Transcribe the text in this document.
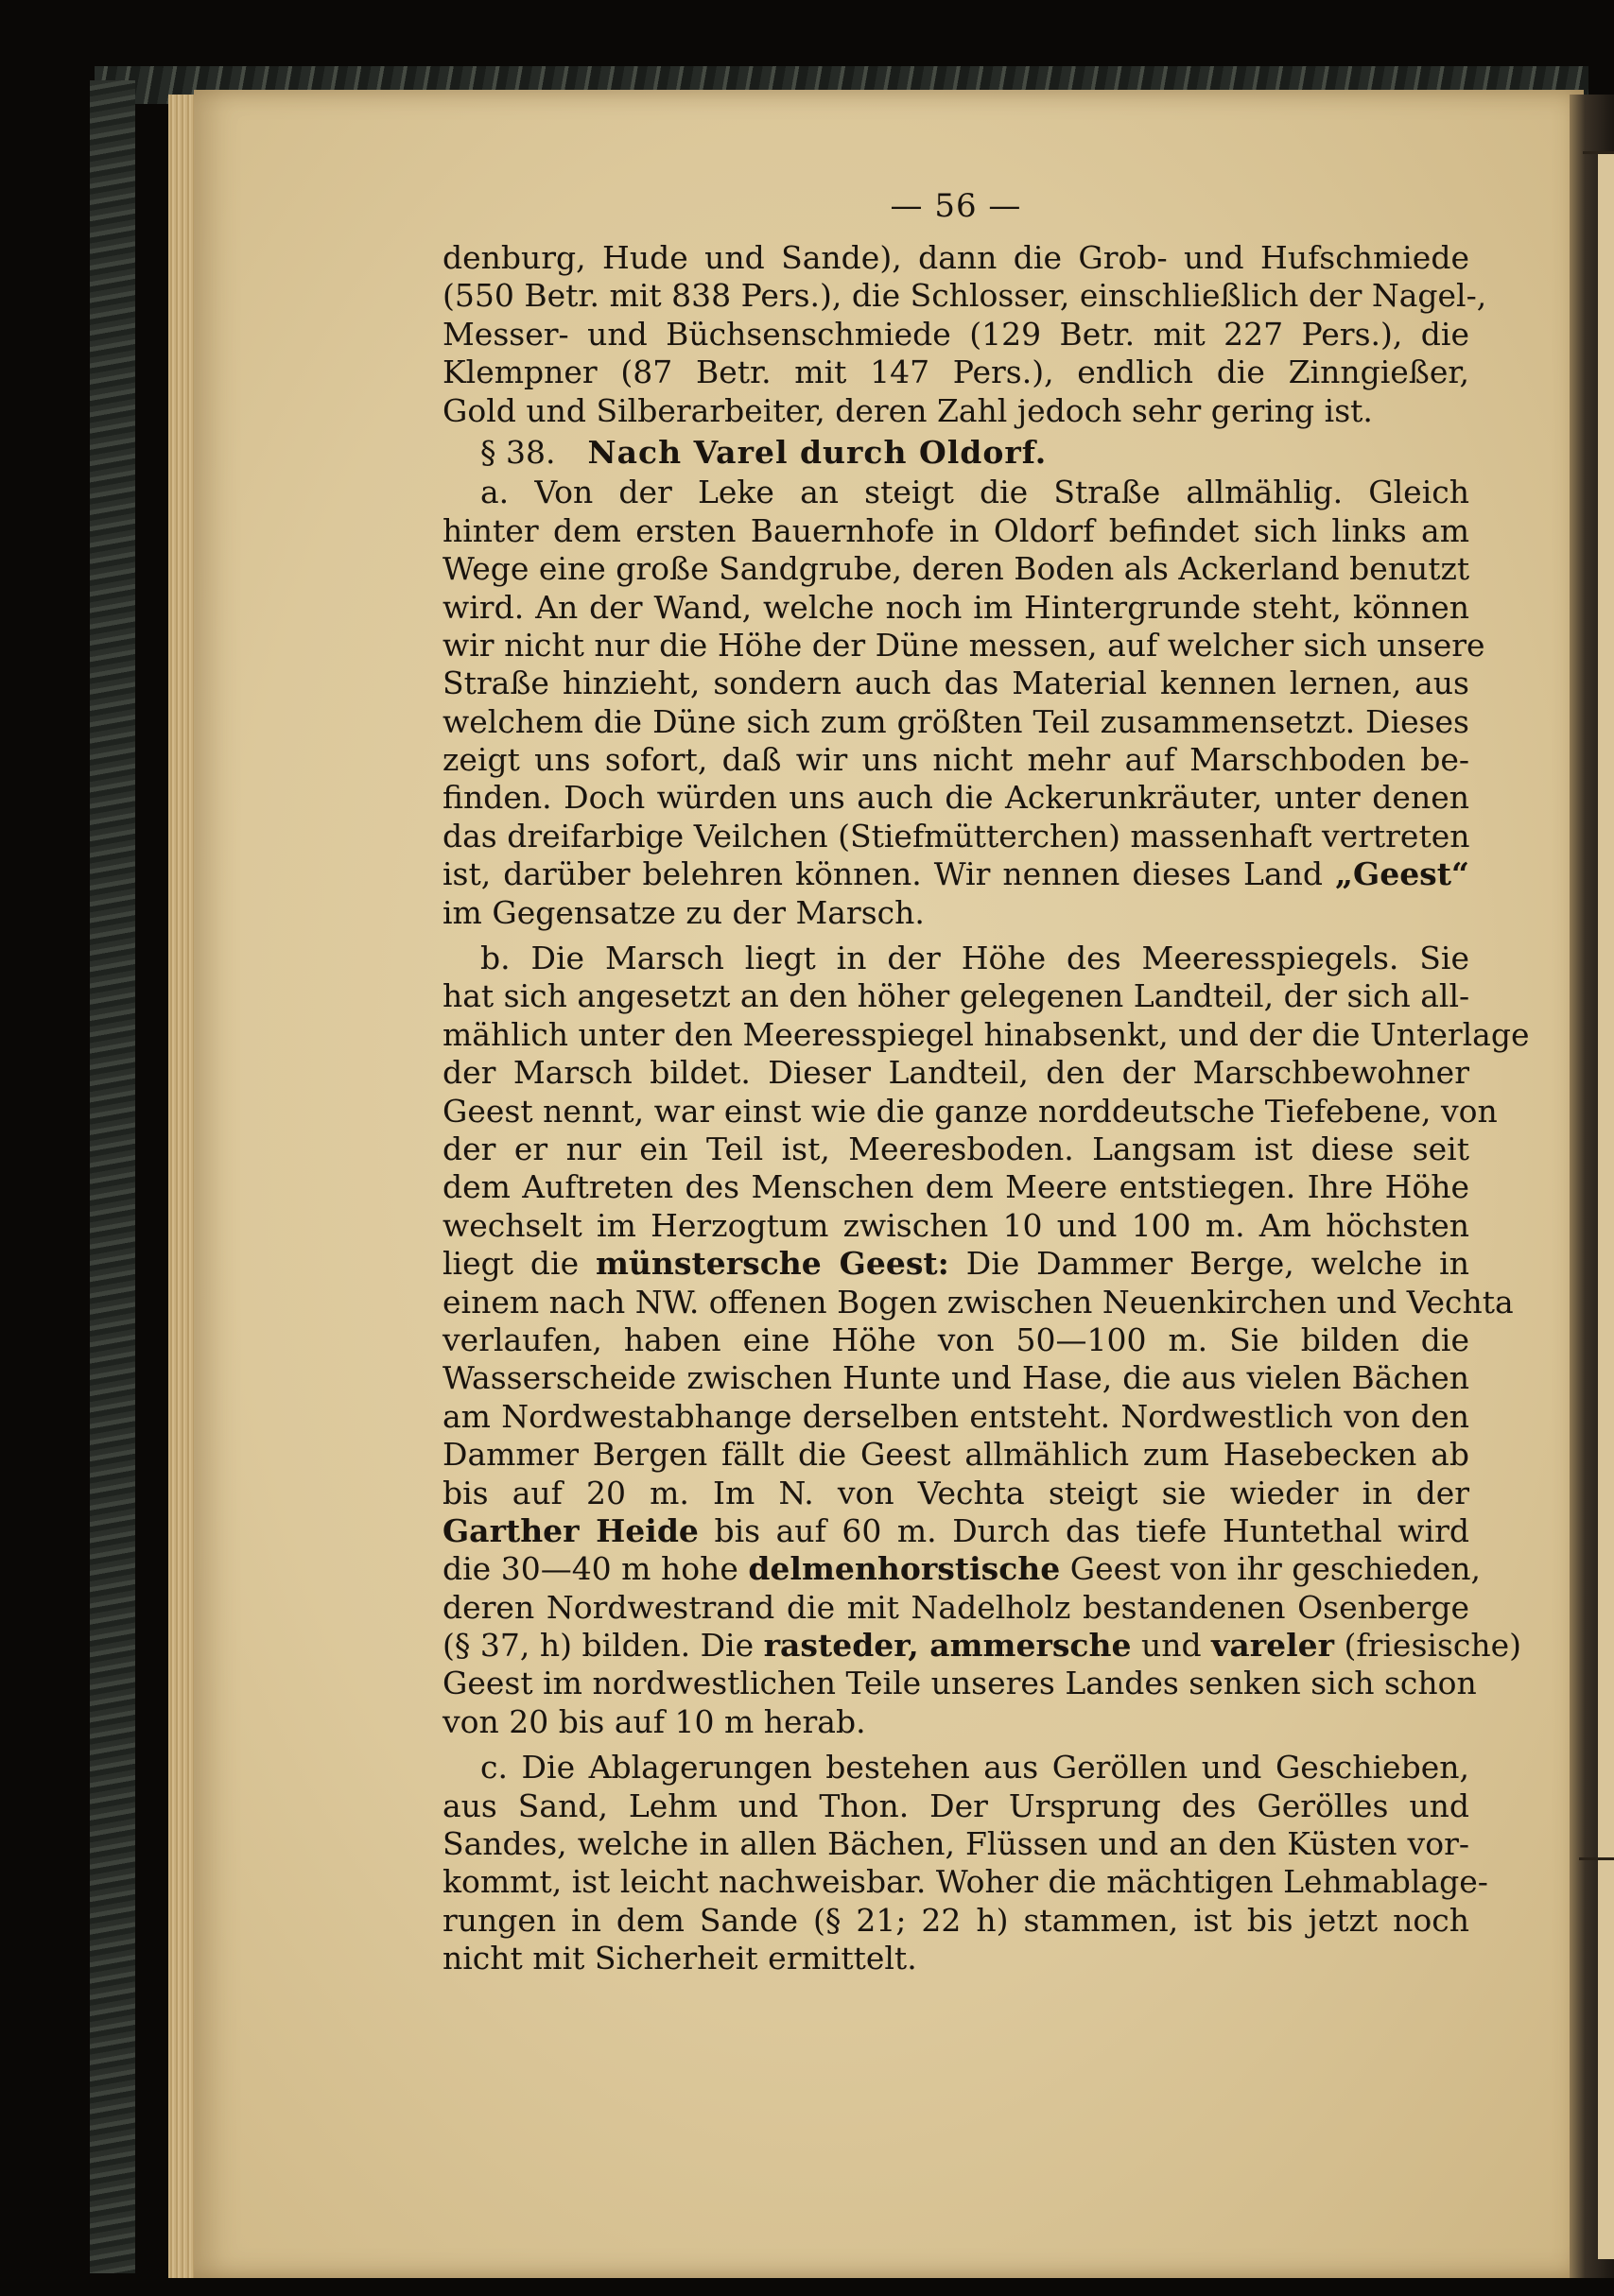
— 56 —
denburg, Hude und Sande), dann die Grob- und Hufschmiede
(550 Betr. mit 838 Pers.), die Schlosser, einschließlich der Nagel-,
Messer- und Büchsenschmiede (129 Betr. mit 227 Pers.), die
Klempner (87 Betr. mit 147 Pers.), endlich die Zinngießer,
Gold und Silberarbeiter, deren Zahl jedoch sehr gering ist.
§ 38. Nach Varel durch Oldorf.
a. Von der Leke an steigt die Straße allmählig. Gleich
hinter dem ersten Bauernhofe in Oldorf befindet sich links am
Wege eine große Sandgrube, deren Boden als Ackerland benutzt
wird. An der Wand, welche noch im Hintergrunde steht, können
wir nicht nur die Höhe der Düne messen, auf welcher sich unsere
Straße hinzieht, sondern auch das Material kennen lernen, aus
welchem die Düne sich zum größten Teil zusammensetzt. Dieses
zeigt uns sofort, daß wir uns nicht mehr auf Marschboden be-
finden. Doch würden uns auch die Ackerunkräuter, unter denen
das dreifarbige Veilchen (Stiefmütterchen) massenhaft vertreten
ist, darüber belehren können. Wir nennen dieses Land „Geest“
im Gegensatze zu der Marsch.
b. Die Marsch liegt in der Höhe des Meeresspiegels. Sie
hat sich angesetzt an den höher gelegenen Landteil, der sich all-
mählich unter den Meeresspiegel hinabsenkt, und der die Unterlage
der Marsch bildet. Dieser Landteil, den der Marschbewohner
Geest nennt, war einst wie die ganze norddeutsche Tiefebene, von
der er nur ein Teil ist, Meeresboden. Langsam ist diese seit
dem Auftreten des Menschen dem Meere entstiegen. Ihre Höhe
wechselt im Herzogtum zwischen 10 und 100 m. Am höchsten
liegt die münstersche Geest: Die Dammer Berge, welche in
einem nach NW. offenen Bogen zwischen Neuenkirchen und Vechta
verlaufen, haben eine Höhe von 50—100 m. Sie bilden die
Wasserscheide zwischen Hunte und Hase, die aus vielen Bächen
am Nordwestabhange derselben entsteht. Nordwestlich von den
Dammer Bergen fällt die Geest allmählich zum Hasebecken ab
bis auf 20 m. Im N. von Vechta steigt sie wieder in der
Garther Heide bis auf 60 m. Durch das tiefe Huntethal wird
die 30—40 m hohe delmenhorstische Geest von ihr geschieden,
deren Nordwestrand die mit Nadelholz bestandenen Osenberge
(§ 37, h) bilden. Die rasteder, ammersche und vareler (friesische)
Geest im nordwestlichen Teile unseres Landes senken sich schon
von 20 bis auf 10 m herab.
c. Die Ablagerungen bestehen aus Geröllen und Geschieben,
aus Sand, Lehm und Thon. Der Ursprung des Gerölles und
Sandes, welche in allen Bächen, Flüssen und an den Küsten vor-
kommt, ist leicht nachweisbar. Woher die mächtigen Lehmablage-
rungen in dem Sande (§ 21; 22 h) stammen, ist bis jetzt noch
nicht mit Sicherheit ermittelt.
